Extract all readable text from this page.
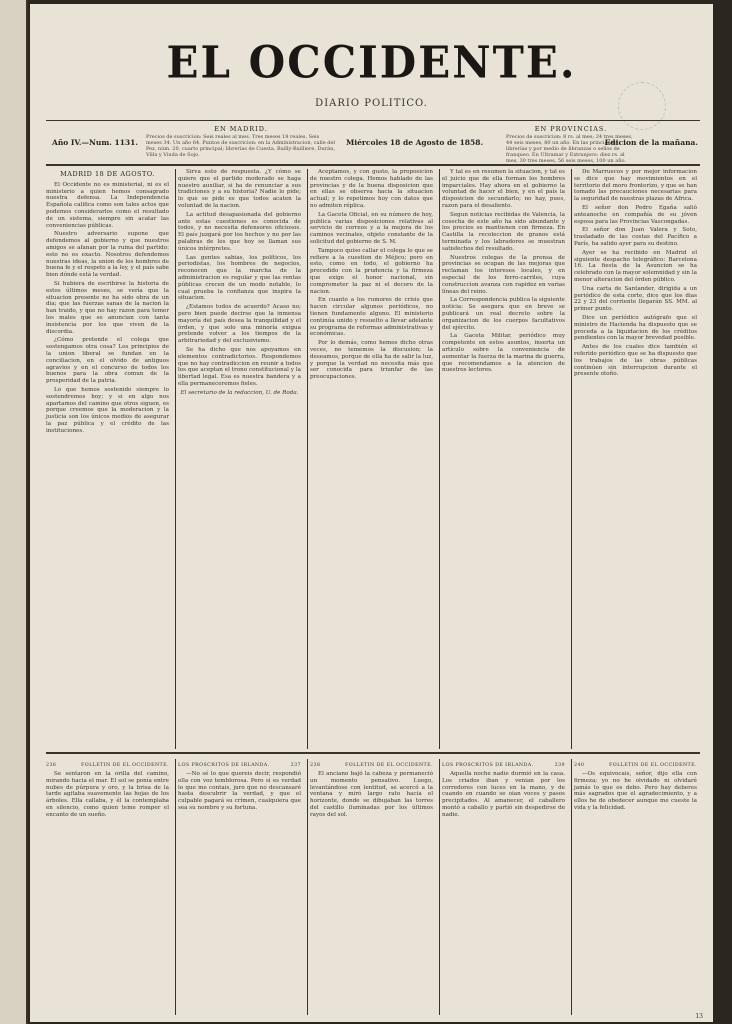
EL OCCIDENTE.
DIARIO POLITICO.
EN MADRID.
Precios de suscricion: Seis reales al mes. Tres meses 18 reales. Seis meses 34. Un año 64. Puntos de suscricion: en la Administracion, calle del Pez, núm. 20, cuarto principal; librerías de Cuesta, Bailly-Bailliere, Durán, Villa y Viuda de Sojo.
EN PROVINCIAS.
Precios de suscricion: 8 rs. al mes; 24 tres meses, 44 seis meses, 80 un año. En las principales librerías y por medio de libranzas o sellos de franqueo. En Ultramar y Extranjero: diez rs. al mes, 30 tres meses, 56 seis meses, 100 un año.
Año IV.—Num. 1131.	Miércoles 18 de Agosto de 1858.	Edicion de la mañana.

MADRID 18 DE AGOSTO.

El Occidente no es ministerial, ni es el ministerio a quien hemos consagrado nuestra defensa. La Independencia Española califica como son tales actos que podemos considerarlos como el resultado de un sistema, siempre sin acatar las conveniencias públicas.

Nuestro adversario supone que defendemos al gobierno y que nuestros amigos se afanan por la ruina del partido: esto no es exacto. Nosotros defendemos nuestras ideas, la union de los hombres de buena fe y el respeto a la ley, y el país sabe bien dónde está la verdad.

Si hubiera de escribirse la historia de estos últimos meses, se vería que la situacion presente no ha sido obra de un dia; que las fuerzas sanas de la nacion la han traido, y que no hay razon para temer los males que se anuncian con tanta insistencia por los que viven de la discordia.

¿Cómo pretende el colega que sostengamos otra cosa? Los principios de la union liberal se fundan en la conciliacion, en el olvido de antiguos agravios y en el concurso de todos los buenos para la obra comun de la prosperidad de la patria.

Lo que hemos sostenido siempre lo sostendremos hoy; y si en algo nos apartamos del camino que otros siguen, es porque creemos que la moderacion y la justicia son los únicos medios de asegurar la paz pública y el crédito de las instituciones.

Sirva esto de respuesta. ¿Y cómo se quiere que el partido moderado se haga nuestro auxiliar, si ha de renunciar a sus tradiciones y a su historia? Nadie lo pide; lo que se pide es que todos acaten la voluntad de la nacion.

La actitud desapasionada del gobierno ante estas cuestiones es conocida de todos, y no necesita defensores oficiosos. El país juzgará por los hechos y no por las palabras de los que hoy se llaman sus únicos intérpretes.

Las gentes sabias, los políticos, los periodistas, los hombres de negocios, reconocen que la marcha de la administracion es regular y que las rentas públicas crecen de un modo notable, lo cual prueba la confianza que inspira la situacion.

¿Estamos todos de acuerdo? Acaso no; pero bien puede decirse que la inmensa mayoría del país desea la tranquilidad y el órden, y que solo una minoría exigua pretende volver a los tiempos de la arbitrariedad y del exclusivismo.

Se ha dicho que nos apoyamos en elementos contradictorios. Respondemos que no hay contradiccion en reunir a todos los que aceptan el trono constitucional y la libertad legal. Esa es nuestra bandera y a ella permaneceremos fieles.

El secretario de la redaccion, U. de Roda.

Aceptamos, y con gusto, la proposicion de nuestro colega. Hemos hablado de las provincias y de la buena disposicion que en ellas se observa hacia la situacion actual; y lo repetimos hoy con datos que no admiten réplica.

La Gaceta Oficial, en su número de hoy, publica varias disposiciones relativas al servicio de correos y a la mejora de los caminos vecinales, objeto constante de la solicitud del gobierno de S. M.

Tampoco quiso callar el colega lo que se refiere a la cuestion de Méjico; pero en esto, como en todo, el gobierno ha procedido con la prudencia y la firmeza que exige el honor nacional, sin comprometer la paz ni el decoro de la nacion.

En cuanto a los rumores de crisis que hacen circular algunos periódicos, no tienen fundamento alguno. El ministerio continúa unido y resuelto a llevar adelante su programa de reformas administrativas y económicas.

Por lo demás, como hemos dicho otras veces, no tememos la discusion; la deseamos, porque de ella ha de salir la luz, y porque la verdad no necesita más que ser conocida para triunfar de las preocupaciones.

Y tal es en resumen la situacion, y tal es el juicio que de ella forman los hombres imparciales. Hay ahora en el gobierno la voluntad de hacer el bien, y en el país la disposicion de secundarlo; no hay, pues, razon para el desaliento.

Segun noticias recibidas de Valencia, la cosecha de este año ha sido abundante y los precios se mantienen con firmeza. En Castilla la recoleccion de granos está terminada y los labradores se muestran satisfechos del resultado.

Nuestros colegas de la prensa de provincias se ocupan de las mejoras que reclaman los intereses locales, y en especial de los ferro-carriles, cuya construccion avanza con rapidez en varias líneas del reino.

La Correspondencia publica la siguiente noticia: Se asegura que en breve se publicará un real decreto sobre la organizacion de los cuerpos facultativos del ejército.

La Gaceta Militar, periódico muy competente en estos asuntos, inserta un artículo sobre la conveniencia de aumentar la fuerza de la marina de guerra, que recomendamos a la atencion de nuestros lectores.

De Marruecos y por mejor informacion se dice que hay movimientos en el territorio del moro fronterizo, y que se han tomado las precauciones necesarias para la seguridad de nuestras plazas de Africa.

El señor don Pedro Egaña salió anteanoche en compañía de su jóven esposa para las Provincias Vascongadas.

El señor don Juan Valera y Soto, trasladado de las costas del Pacífico a París, ha salido ayer para su destino.

Ayer se ha recibido en Madrid el siguiente despacho telegráfico: Barcelona 16. La fiesta de la Asuncion se ha celebrado con la mayor solemnidad y sin la menor alteracion del órden público.

Una carta de Santander, dirigida a un periódico de esta corte, dice que los dias 22 y 23 del corriente llegarán SS. MM. al primer punto.

Dice un periódico autógrafo que el ministro de Hacienda ha dispuesto que se proceda a la liquidacion de los créditos pendientes con la mayor brevedad posible.

Antes de los cuales dice también el referido periódico que se ha dispuesto que los trabajos de las obras públicas continúen sin interrupcion durante el presente otoño.

236	FOLLETIN DE EL OCCIDENTE.

Se sentaron en la orilla del camino, mirando hacia el mar. El sol se ponía entre nubes de púrpura y oro, y la brisa de la tarde agitaba suavemente las hojas de los árboles. Ella callaba, y él la contemplaba en silencio, como quien teme romper el encanto de un sueño.

LOS PROSCRITOS DE IRLANDA.	237

—No sé lo que quereis decir, respondió ella con voz temblorosa. Pero si es verdad lo que me contais, juro que no descansaré hasta descubrir la verdad, y que el culpable pagará su crímen, cualquiera que sea su nombre y su fortuna.

238	FOLLETIN DE EL OCCIDENTE.

El anciano bajó la cabeza y permaneció un momento pensativo. Luego, levantándose con lentitud, se acercó a la ventana y miró largo rato hacia el horizonte, donde se dibujaban las torres del castillo iluminadas por los últimos rayos del sol.

LOS PROSCRITOS DE IRLANDA.	239

Aquella noche nadie durmió en la casa. Los criados iban y venian por los corredores con luces en la mano, y de cuando en cuando se oian voces y pasos precipitados. Al amanecer, el caballero montó a caballo y partió sin despedirse de nadie.

240	FOLLETIN DE EL OCCIDENTE.

—Os equivocais, señor, dijo ella con firmeza; yo no he olvidado ni olvidaré jamás lo que os debo. Pero hay deberes más sagrados que el agradecimiento, y a ellos he de obedecer aunque me cueste la vida y la felicidad.

13
